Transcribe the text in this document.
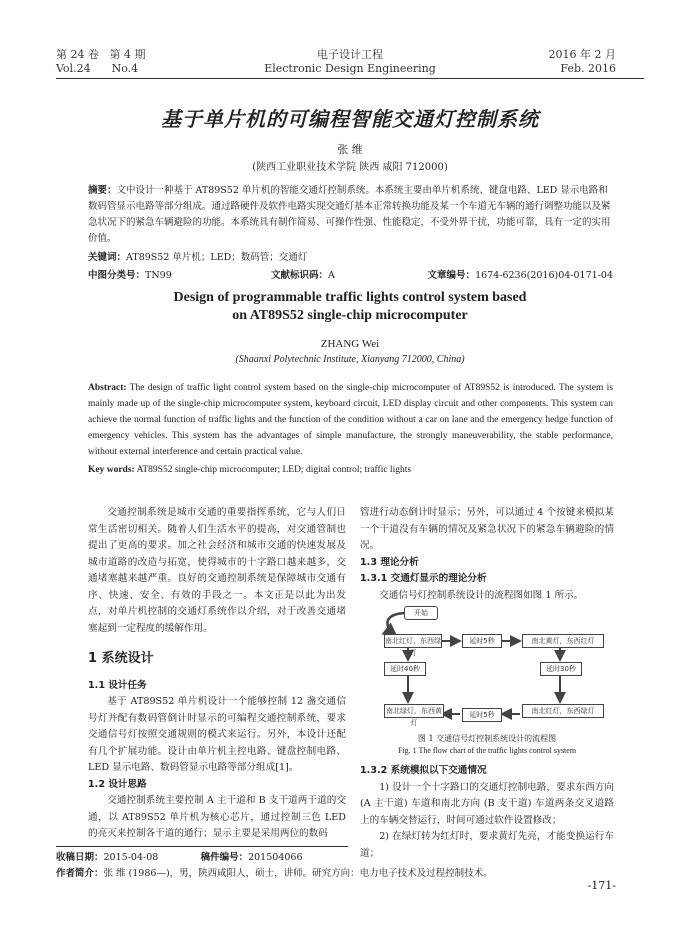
第 24 卷 第 4 期
Vol.24 No.4
电子设计工程
Electronic Design Engineering
2016 年 2 月
Feb. 2016
基于单片机的可编程智能交通灯控制系统
张 维
(陕西工业职业技术学院 陕西 咸阳 712000)
摘要：文中设计一种基于 AT89S52 单片机的智能交通灯控制系统。本系统主要由单片机系统、键盘电路、LED 显示电路和数码管显示电路等部分组成。通过路硬件及软件电路实现交通灯基本正常转换功能及某一个车道无车辆的通行调整功能以及紧急状况下的紧急车辆避险的功能。本系统具有制作简易、可操作性强、性能稳定，不受外界干扰，功能可靠，具有一定的实用价值。
关键词：AT89S52 单片机；LED；数码管；交通灯
中图分类号：TN99	文献标识码：A	文章编号：1674-6236(2016)04-0171-04
Design of programmable traffic lights control system based
on AT89S52 single-chip microcomputer
ZHANG Wei
(Shaanxi Polytechnic Institute, Xianyang 712000, China)
Abstract: The design of traffic light control system based on the single-chip microcomputer of AT89S52 is introduced. The system is mainly made up of the single-chip microcomputer system, keyboard circuit, LED display circuit and other components. This system can achieve the normal function of traffic lights and the function of the condition without a car on lane and the emergency hedge function of emergency vehicles. This system has the advantages of simple manufacture, the strongly maneuverability, the stable performance, without external interference and certain practical value.
Key words: AT89S52 single-chip microcomputer; LED; digital control; traffic lights

交通控制系统是城市交通的重要指挥系统，它与人们日常生活密切相关。随着人们生活水平的提高，对交通管制也提出了更高的要求。加之社会经济和城市交通的快速发展及城市道路的改造与拓宽，使得城市的十字路口越来越多，交通堵塞越来越严重。良好的交通控制系统是保障城市交通有序、快速、安全、有效的手段之一。本文正是以此为出发点，对单片机控制的交通灯系统作以介绍，对于改善交通堵塞起到一定程度的缓解作用。

1 系统设计
1.1 设计任务

基于 AT89S52 单片机设计一个能够控制 12 盏交通信号灯并配有数码管倒计时显示的可编程交通控制系统，要求交通信号灯按照交通规则的模式来运行。另外，本设计还配有几个扩展功能。设计由单片机主控电路、键盘控制电路、LED 显示电路、数码管显示电路等部分组成[1]。

1.2 设计思路

交通控制系统主要控制 A 主干道和 B 支干道两干道的交通，以 AT89S52 单片机为核心芯片，通过控制三色 LED 的亮灭来控制各干道的通行；显示主要是采用两位的数码

管进行动态倒计时显示；另外，可以通过 4 个按键来模拟某一个干道没有车辆的情况及紧急状况下的紧急车辆避险的情况。
1.3 理论分析
1.3.1 交通灯显示的理论分析

交通信号灯控制系统设计的流程图如图 1 所示。

开始
南北红灯，东西绿灯
延时5秒	南北黄灯，东西红灯
延时40秒	延时30秒
南北绿灯，东西黄灯
延时5秒	南北红灯，东西绿灯
图 1 交通信号灯控制系统设计的流程图
Fig. 1 The flow chart of the traffic lights control system
1.3.2 系统模拟以下交通情况

1) 设计一个十字路口的交通灯控制电路，要求东西方向 (A 主干道) 车道和南北方向 (B 支干道) 车道两条交叉道路上的车辆交替运行，时间可通过软件设置修改；

2) 在绿灯转为红灯时，要求黄灯先亮，才能变换运行车道；

收稿日期：2015-04-08	稿件编号：201504066
作者简介：张 维 (1986—)，男，陕西咸阳人，硕士，讲师。研究方向：电力电子技术及过程控制技术。
-171-
